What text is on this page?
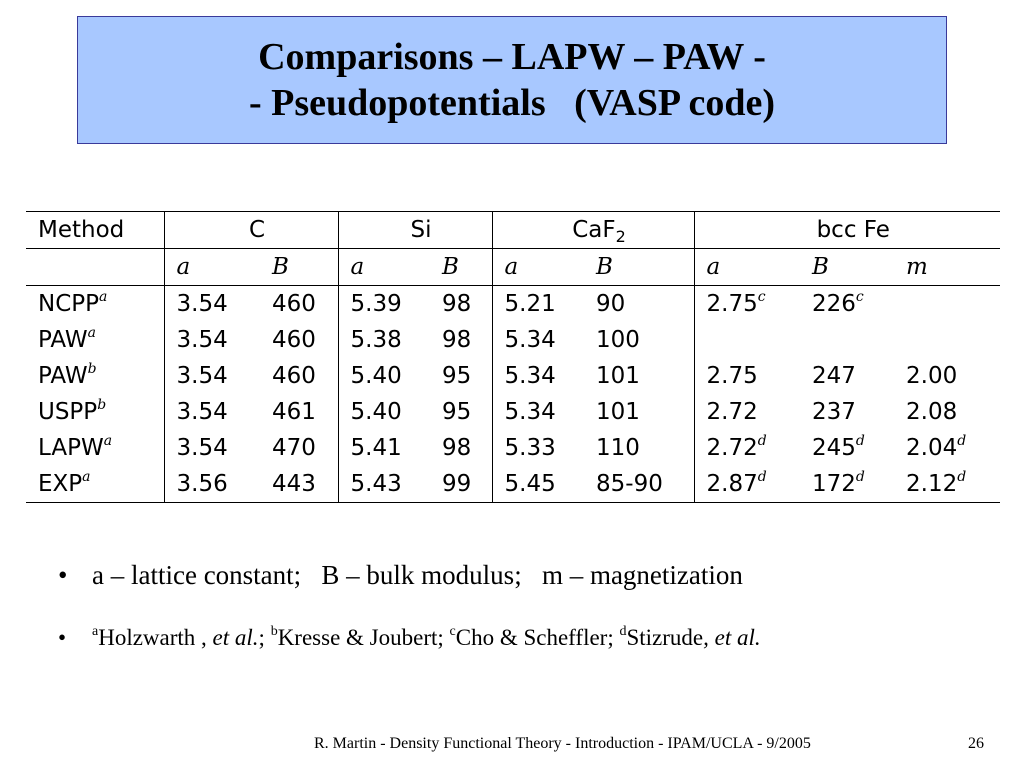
Comparisons – LAPW – PAW -
- Pseudopotentials   (VASP code)
Method	C		Si		CaF$_2$		bcc Fe		
	a	B	a	B	a	B	a	B	m
NCPP$^a$	3.54	460	5.39	98	5.21	90	2.75$^c$	226$^c$	
PAW$^a$	3.54	460	5.38	98	5.34	100			
PAW$^b$	3.54	460	5.40	95	5.34	101	2.75	247	2.00
USPP$^b$	3.54	461	5.40	95	5.34	101	2.72	237	2.08
LAPW$^a$	3.54	470	5.41	98	5.33	110	2.72$^d$	245$^d$	2.04$^d$
EXP$^a$	3.56	443	5.43	99	5.45	85-90	2.87$^d$	172$^d$	2.12$^d$
• a – lattice constant;   B – bulk modulus;   m – magnetization
• $^a$Holzwarth , et al.; $^b$Kresse & Joubert; $^c$Cho & Scheffler; $^d$Stizrude, et al.
R. Martin - Density Functional Theory - Introduction - IPAM/UCLA - 9/2005	26
